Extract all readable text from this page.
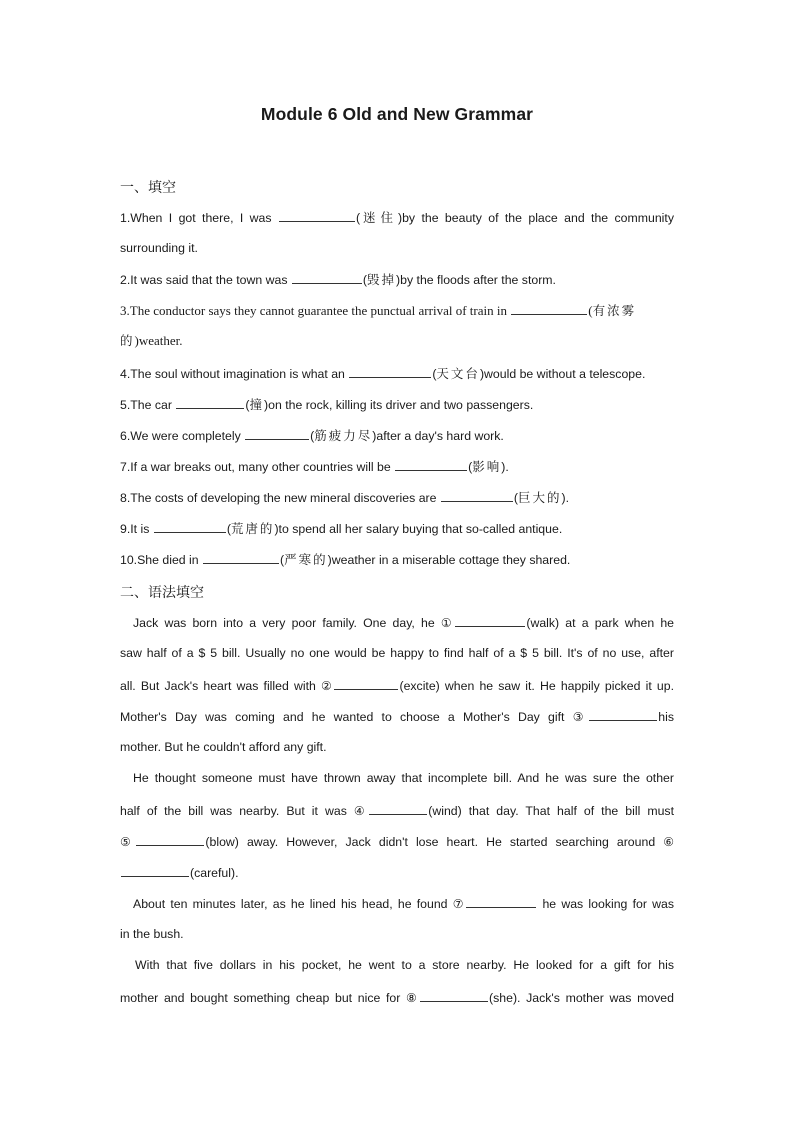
Module 6 Old and New Grammar
一、填空
1.When I got there, I was	(迷住)by the beauty of the place and the community
surrounding it.
2.It was said that the town was	(毁掉)by the floods after the storm.
3.The conductor says they cannot guarantee the punctual arrival of train in	(有浓雾
的)weather.
4.The soul without imagination is what an	(天文台)would be without a telescope.
5.The car	(撞)on the rock, killing its driver and two passengers.
6.We were completely	(筋疲力尽)after a day's hard work.
7.If a war breaks out, many other countries will be	(影响).
8.The costs of developing the new mineral discoveries are	(巨大的).
9.It is	(荒唐的)to spend all her salary buying that so-called antique.
10.She died in	(严寒的)weather in a miserable cottage they shared.
二、语法填空
Jack was born into a very poor family. One day, he ①	(walk) at a park when he
saw half of a $ 5 bill. Usually no one would be happy to find half of a $ 5 bill. It's of no use, after
all. But Jack's heart was filled with ②	(excite) when he saw it. He happily picked it up.
Mother's Day was coming and he wanted to choose a Mother's Day gift ③	his
mother. But he couldn't afford any gift.
He thought someone must have thrown away that incomplete bill. And he was sure the other
half of the bill was nearby. But it was ④	(wind) that day. That half of the bill must
⑤	(blow) away. However, Jack didn't lose heart. He started searching around ⑥
(careful).
About ten minutes later, as he lined his head, he found ⑦	he was looking for was
in the bush.
With that five dollars in his pocket, he went to a store nearby. He looked for a gift for his
mother and bought something cheap but nice for ⑧	(she). Jack's mother was moved
